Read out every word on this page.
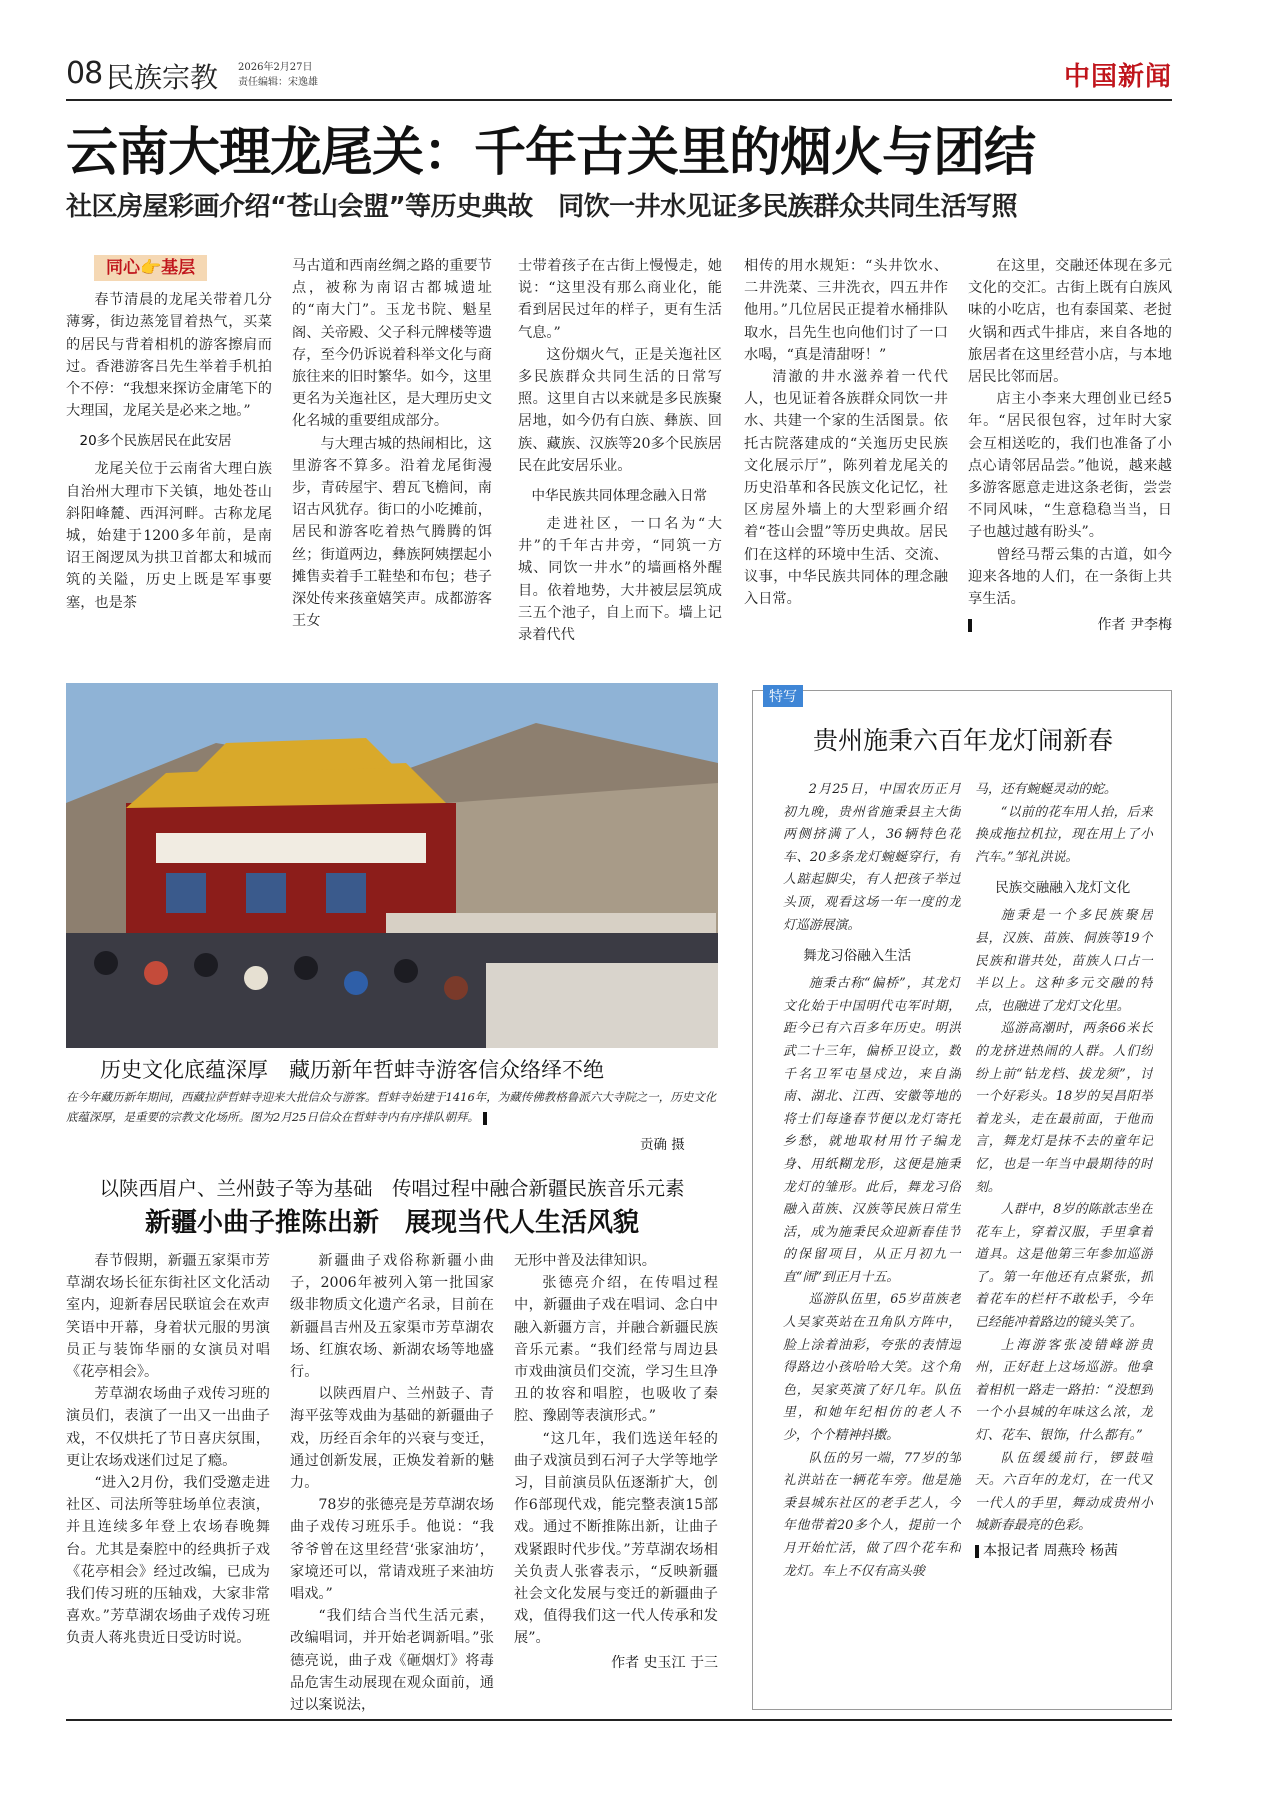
08 民族宗教 2026年2月27日
责任编辑：宋逸雄	中国新闻
云南大理龙尾关：千年古关里的烟火与团结
社区房屋彩画介绍“苍山会盟”等历史典故　同饮一井水见证多民族群众共同生活写照
同心👉基层

春节清晨的龙尾关带着几分薄雾，街边蒸笼冒着热气，买菜的居民与背着相机的游客擦肩而过。香港游客吕先生举着手机拍个不停：“我想来探访金庸笔下的大理国，龙尾关是必来之地。”

20多个民族居民在此安居

龙尾关位于云南省大理白族自治州大理市下关镇，地处苍山斜阳峰麓、西洱河畔。古称龙尾城，始建于1200多年前，是南诏王阁逻凤为拱卫首都太和城而筑的关隘，历史上既是军事要塞，也是茶

马古道和西南丝绸之路的重要节点，被称为南诏古都城遗址的“南大门”。玉龙书院、魁星阁、关帝殿、父子科元牌楼等遗存，至今仍诉说着科举文化与商旅往来的旧时繁华。如今，这里更名为关迤社区，是大理历史文化名城的重要组成部分。

与大理古城的热闹相比，这里游客不算多。沿着龙尾街漫步，青砖屋宇、碧瓦飞檐间，南诏古风犹存。街口的小吃摊前，居民和游客吃着热气腾腾的饵丝；街道两边，彝族阿姨摆起小摊售卖着手工鞋垫和布包；巷子深处传来孩童嬉笑声。成都游客王女

士带着孩子在古街上慢慢走，她说：“这里没有那么商业化，能看到居民过年的样子，更有生活气息。”

这份烟火气，正是关迤社区多民族群众共同生活的日常写照。这里自古以来就是多民族聚居地，如今仍有白族、彝族、回族、藏族、汉族等20多个民族居民在此安居乐业。

中华民族共同体理念融入日常

走进社区，一口名为“大井”的千年古井旁，“同筑一方城、同饮一井水”的墙画格外醒目。依着地势，大井被层层筑成三五个池子，自上而下。墙上记录着代代

相传的用水规矩：“头井饮水、二井洗菜、三井洗衣，四五井作他用。”几位居民正提着水桶排队取水，吕先生也向他们讨了一口水喝，“真是清甜呀！”

清澈的井水滋养着一代代人，也见证着各族群众同饮一井水、共建一个家的生活图景。依托古院落建成的“关迤历史民族文化展示厅”，陈列着龙尾关的历史沿革和各民族文化记忆，社区房屋外墙上的大型彩画介绍着“苍山会盟”等历史典故。居民们在这样的环境中生活、交流、议事，中华民族共同体的理念融入日常。

在这里，交融还体现在多元文化的交汇。古街上既有白族风味的小吃店，也有泰国菜、老挝火锅和西式牛排店，来自各地的旅居者在这里经营小店，与本地居民比邻而居。

店主小李来大理创业已经5年。“居民很包容，过年时大家会互相送吃的，我们也准备了小点心请邻居品尝。”他说，越来越多游客愿意走进这条老街，尝尝不同风味，“生意稳稳当当，日子也越过越有盼头”。

曾经马帮云集的古道，如今迎来各地的人们，在一条街上共享生活。

作者 尹李梅
历史文化底蕴深厚　藏历新年哲蚌寺游客信众络绎不绝
在今年藏历新年期间，西藏拉萨哲蚌寺迎来大批信众与游客。哲蚌寺始建于1416年，为藏传佛教格鲁派六大寺院之一，历史文化底蕴深厚，是重要的宗教文化场所。图为2月25日信众在哲蚌寺内有序排队朝拜。
贡确 摄
以陕西眉户、兰州鼓子等为基础　传唱过程中融合新疆民族音乐元素
新疆小曲子推陈出新　展现当代人生活风貌

春节假期，新疆五家渠市芳草湖农场长征东街社区文化活动室内，迎新春居民联谊会在欢声笑语中开幕，身着状元服的男演员正与装饰华丽的女演员对唱《花亭相会》。

芳草湖农场曲子戏传习班的演员们，表演了一出又一出曲子戏，不仅烘托了节日喜庆氛围，更让农场戏迷们过足了瘾。

“进入2月份，我们受邀走进社区、司法所等驻场单位表演，并且连续多年登上农场春晚舞台。尤其是秦腔中的经典折子戏《花亭相会》经过改编，已成为我们传习班的压轴戏，大家非常喜欢。”芳草湖农场曲子戏传习班负责人蒋兆贵近日受访时说。

新疆曲子戏俗称新疆小曲子，2006年被列入第一批国家级非物质文化遗产名录，目前在新疆昌吉州及五家渠市芳草湖农场、红旗农场、新湖农场等地盛行。

以陕西眉户、兰州鼓子、青海平弦等戏曲为基础的新疆曲子戏，历经百余年的兴衰与变迁，通过创新发展，正焕发着新的魅力。

78岁的张德亮是芳草湖农场曲子戏传习班乐手。他说：“我爷爷曾在这里经营‘张家油坊’，家境还可以，常请戏班子来油坊唱戏。”

“我们结合当代生活元素，改编唱词，并开始老调新唱。”张德亮说，曲子戏《砸烟灯》将毒品危害生动展现在观众面前，通过以案说法，

无形中普及法律知识。

张德亮介绍，在传唱过程中，新疆曲子戏在唱词、念白中融入新疆方言，并融合新疆民族音乐元素。“我们经常与周边县市戏曲演员们交流，学习生旦净丑的妆容和唱腔，也吸收了秦腔、豫剧等表演形式。”

“这几年，我们选送年轻的曲子戏演员到石河子大学等地学习，目前演员队伍逐渐扩大，创作6部现代戏，能完整表演15部戏。通过不断推陈出新，让曲子戏紧跟时代步伐。”芳草湖农场相关负责人张睿表示，“反映新疆社会文化发展与变迁的新疆曲子戏，值得我们这一代人传承和发展”。

作者 史玉江 于三
特写
贵州施秉六百年龙灯闹新春

2月25日，中国农历正月初九晚，贵州省施秉县主大街两侧挤满了人，36辆特色花车、20多条龙灯蜿蜒穿行，有人踮起脚尖，有人把孩子举过头顶，观看这场一年一度的龙灯巡游展演。

舞龙习俗融入生活

施秉古称“偏桥”，其龙灯文化始于中国明代屯军时期，距今已有六百多年历史。明洪武二十三年，偏桥卫设立，数千名卫军屯垦戍边，来自湖南、湖北、江西、安徽等地的将士们每逢春节便以龙灯寄托乡愁，就地取材用竹子编龙身、用纸糊龙形，这便是施秉龙灯的雏形。此后，舞龙习俗融入苗族、汉族等民族日常生活，成为施秉民众迎新春佳节的保留项目，从正月初九一直“闹”到正月十五。

巡游队伍里，65岁苗族老人吴家英站在丑角队方阵中，脸上涂着油彩，夸张的表情逗得路边小孩哈哈大笑。这个角色，吴家英演了好几年。队伍里，和她年纪相仿的老人不少，个个精神抖擞。

队伍的另一端，77岁的邹礼洪站在一辆花车旁。他是施秉县城东社区的老手艺人，今年他带着20多个人，提前一个月开始忙活，做了四个花车和龙灯。车上不仅有高头骏

马，还有蜿蜒灵动的蛇。

“以前的花车用人抬，后来换成拖拉机拉，现在用上了小汽车。”邹礼洪说。

民族交融融入龙灯文化

施秉是一个多民族聚居县，汉族、苗族、侗族等19个民族和谐共处，苗族人口占一半以上。这种多元交融的特点，也融进了龙灯文化里。

巡游高潮时，两条66米长的龙挤进热闹的人群。人们纷纷上前“钻龙档、拔龙须”，讨一个好彩头。18岁的吴昌阳举着龙头，走在最前面，于他而言，舞龙灯是抹不去的童年记忆，也是一年当中最期待的时刻。

人群中，8岁的陈歆志坐在花车上，穿着汉服，手里拿着道具。这是他第三年参加巡游了。第一年他还有点紧张，抓着花车的栏杆不敢松手，今年已经能冲着路边的镜头笑了。

上海游客张凌错峰游贵州，正好赶上这场巡游。他拿着相机一路走一路拍：“没想到一个小县城的年味这么浓，龙灯、花车、银饰，什么都有。”

队伍缓缓前行，锣鼓喧天。六百年的龙灯，在一代又一代人的手里，舞动成贵州小城新春最亮的色彩。

本报记者 周燕玲 杨茜
